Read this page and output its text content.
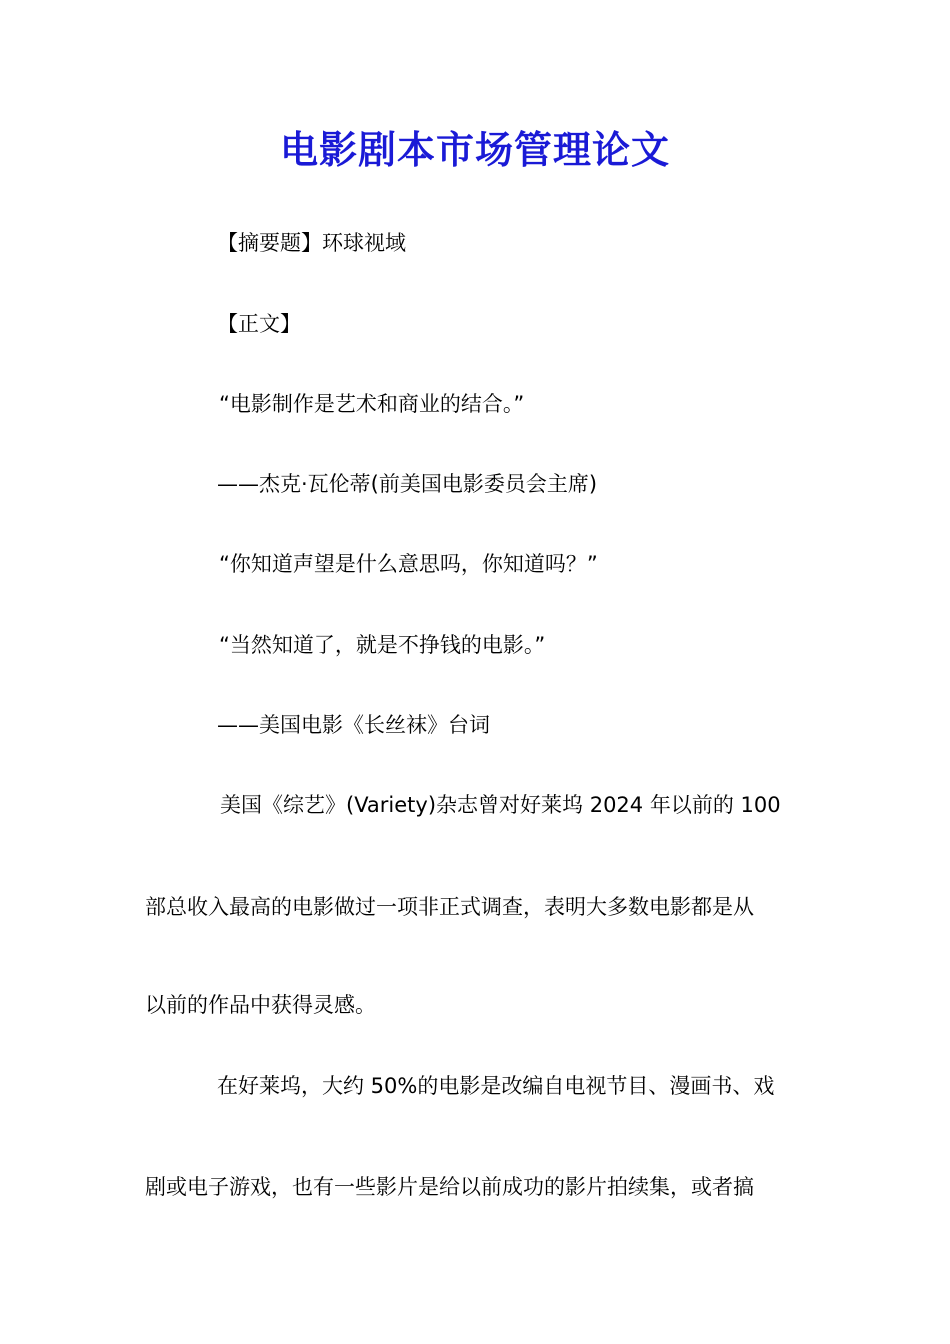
电影剧本市场管理论文

【摘要题】环球视域

【正文】

“电影制作是艺术和商业的结合。”

——杰克·瓦伦蒂(前美国电影委员会主席)

“你知道声望是什么意思吗，你知道吗？”

“当然知道了，就是不挣钱的电影。”

——美国电影《长丝袜》台词

美国《综艺》(Variety)杂志曾对好莱坞 2024 年以前的 100

部总收入最高的电影做过一项非正式调查，表明大多数电影都是从

以前的作品中获得灵感。

在好莱坞，大约 50%的电影是改编自电视节目、漫画书、戏

剧或电子游戏，也有一些影片是给以前成功的影片拍续集，或者搞
